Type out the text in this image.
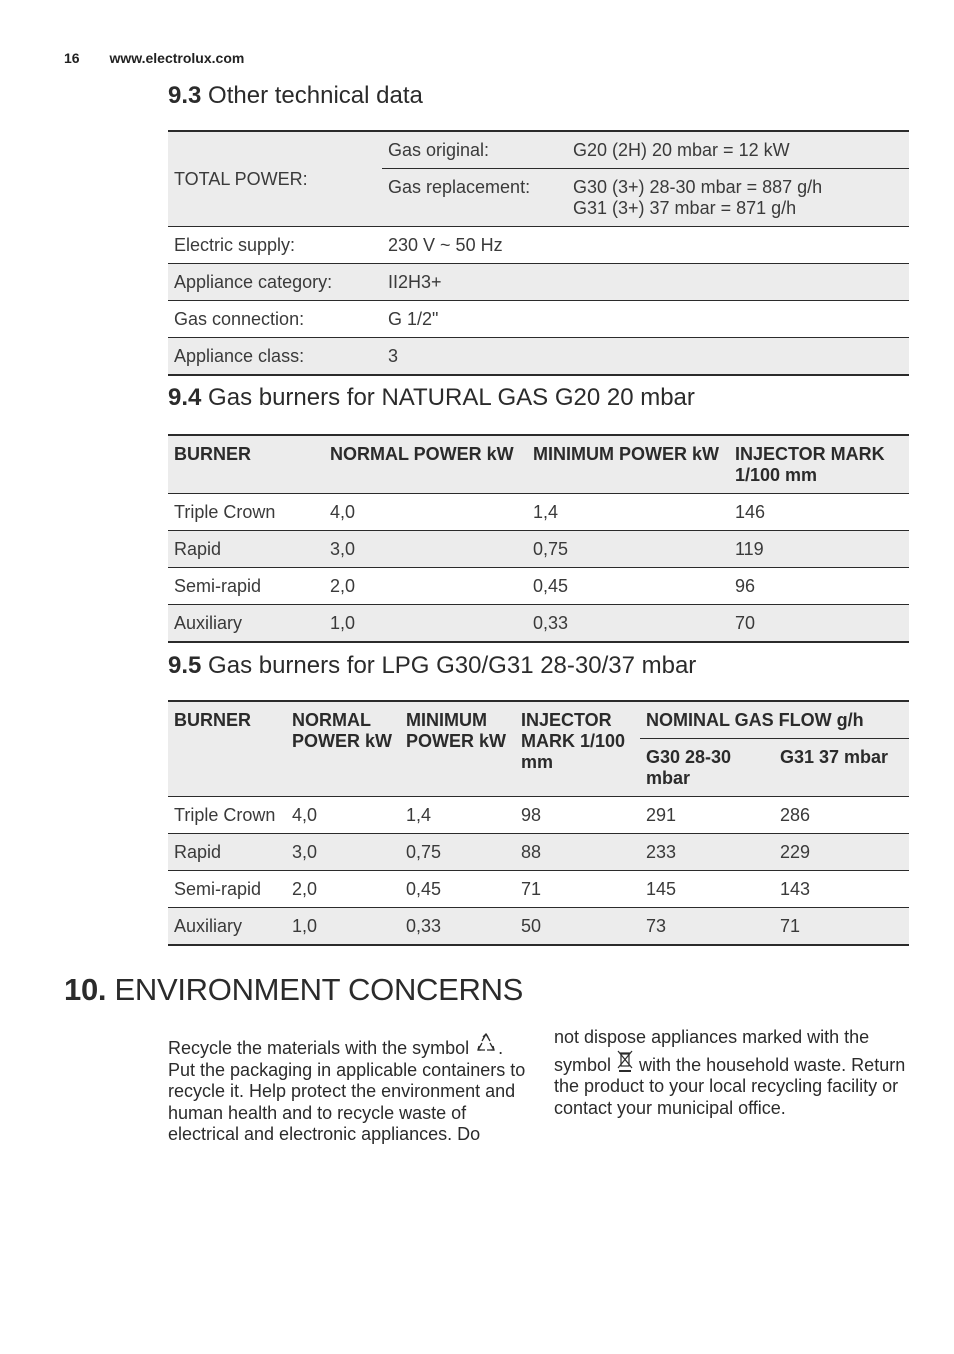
16 www.electrolux.com
9.3 Other technical data
TOTAL POWER:	Gas original:	G20 (2H) 20 mbar = 12 kW
	Gas replacement:	G30 (3+) 28-30 mbar = 887 g/h
G31 (3+) 37 mbar = 871 g/h

Electric supply:	230 V ~ 50 Hz	
Appliance category:	II2H3+	
Gas connection:	G 1/2"	
Appliance class:	3	
9.4 Gas burners for NATURAL GAS G20 20 mbar
BURNER	NORMAL POWER kW	MINIMUM POWER kW	INJECTOR MARK 1/100 mm
Triple Crown	4,0	1,4	146
Rapid	3,0	0,75	119
Semi-rapid	2,0	0,45	96
Auxiliary	1,0	0,33	70
9.5 Gas burners for LPG G30/G31 28-30/37 mbar
BURNER	NORMAL POWER kW	MINIMUM POWER kW	INJECTOR MARK 1/100 mm	NOMINAL GAS FLOW g/h	
				G30 28-30 mbar	G31 37 mbar
Triple Crown	4,0	1,4	98	291	286
Rapid	3,0	0,75	88	233	229
Semi-rapid	2,0	0,45	71	145	143
Auxiliary	1,0	0,33	50	73	71
10. ENVIRONMENT CONCERNS
Recycle the materials with the symbol . Put the packaging in applicable containers to recycle it. Help protect the environment and human health and to recycle waste of electrical and electronic appliances. Do
not dispose appliances marked with the symbol with the household waste. Return the product to your local recycling facility or contact your municipal office.
